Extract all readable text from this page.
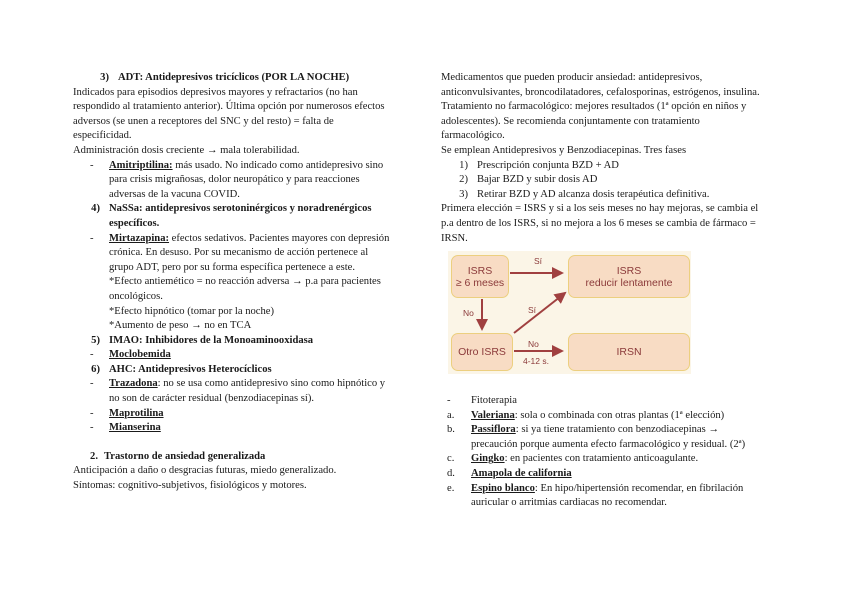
3) ADT: Antidepresivos tricíclicos (POR LA NOCHE)

Indicados para episodios depresivos mayores y refractarios (no han

respondido al tratamiento anterior). Última opción por numerosos efectos

adversos (se unen a receptores del SNC y del resto) = falta de

especificidad.

Administración dosis creciente → mala tolerabilidad.

-	Amitriptilina: más usado. No indicado como antidepresivo sino

para crisis migrañosas, dolor neuropático y para reacciones

adversas de la vacuna COVID.

4) NaSSa: antidepresivos serotoninérgicos y noradrenérgicos

específicos.

-	Mirtazapina: efectos sedativos. Pacientes mayores con depresión

crónica. En desuso. Por su mecanismo de acción pertenece al

grupo ADT, pero por su forma específica pertenece a este.

*Efecto antiemético = no reacción adversa → p.a para pacientes

oncológicos.

*Efecto hipnótico (tomar por la noche)

*Aumento de peso → no en TCA

5) IMAO: Inhibidores de la Monoaminooxidasa
-	Moclobemida
6) AHC: Antidepresivos Heterocíclicos
-	Trazadona: no se usa como antidepresivo sino como hipnótico y

no son de carácter residual (benzodiacepinas sí).

-	Maprotilina
-	Mianserina
2. Trastorno de ansiedad generalizada

Anticipación a daño o desgracias futuras, miedo generalizado.

Síntomas: cognitivo-subjetivos, fisiológicos y motores.

Medicamentos que pueden producir ansiedad: antidepresivos,

anticonvulsivantes, broncodilatadores, cefalosporinas, estrógenos, insulina.

Tratamiento no farmacológico: mejores resultados (1ª opción en niños y

adolescentes). Se recomienda conjuntamente con tratamiento

farmacológico.

Se emplean Antidepresivos y Benzodiacepinas. Tres fases

1) Prescripción conjunta BZD + AD
2) Bajar BZD y subir dosis AD
3) Retirar BZD y AD alcanza dosis terapéutica definitiva.

Primera elección = ISRS y si a los seis meses no hay mejoras, se cambia el

p.a dentro de los ISRS, si no mejora a los 6 meses se cambia de fármaco =

IRSN.

ISRS
≥ 6 meses
ISRS
reducir lentamente
Otro ISRS	IRSN
Sí
No	Sí
No
4-12 s.
-	Fitoterapia
a.	Valeriana: sola o combinada con otras plantas (1ª elección)

b.	Passiflora: si ya tiene tratamiento con benzodiacepinas →

precaución porque aumenta efecto farmacológico y residual. (2ª)

c.	Gingko: en pacientes con tratamiento anticoagulante.

d.	Amapola de california
e.	Espino blanco: En hipo/hipertensión recomendar, en fibrilación

auricular o arritmias cardiacas no recomendar.
